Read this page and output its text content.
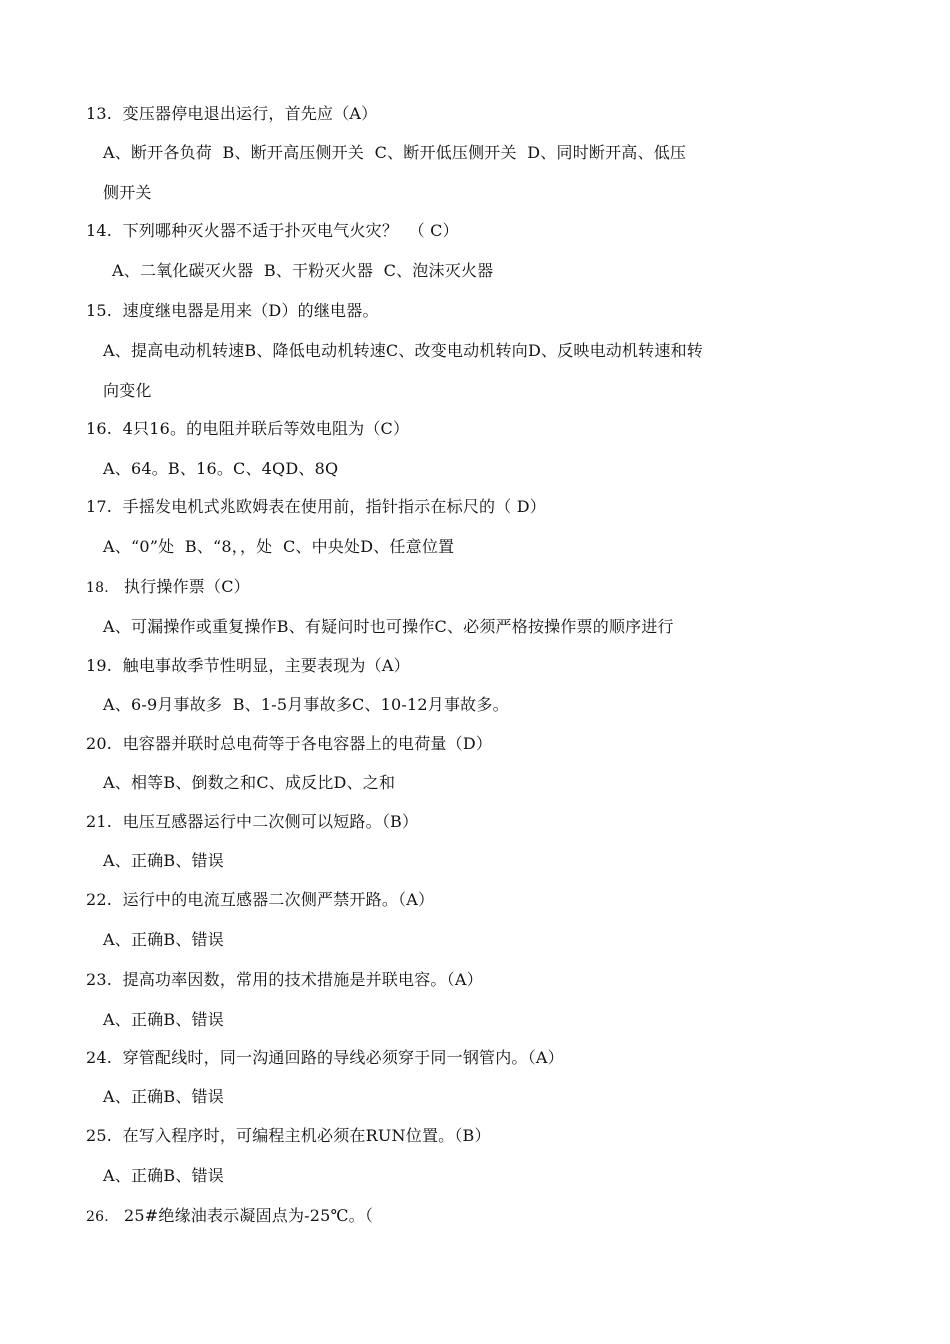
13.  变压器停电退出运行，首先应（A）
A、断开各负荷  B、断开高压侧开关  C、断开低压侧开关  D、同时断开高、低压
侧开关
14.  下列哪种灭火器不适于扑灭电气火灾？  （ C）
A、二氧化碳灭火器  B、干粉灭火器  C、泡沫灭火器
15.  速度继电器是用来（D）的继电器。
A、提高电动机转速B、降低电动机转速C、改变电动机转向D、反映电动机转速和转
向变化
16.  4只16。的电阻并联后等效电阻为（C）
A、64。B、16。C、4QD、8Q
17.  手摇发电机式兆欧姆表在使用前，指针指示在标尺的（ D）
A、“0”处  B、“8，，处  C、中央处D、任意位置
18. 执行操作票（C）
A、可漏操作或重复操作B、有疑问时也可操作C、必须严格按操作票的顺序进行
19.  触电事故季节性明显，主要表现为（A）
A、6-9月事故多  B、1-5月事故多C、10-12月事故多。
20.  电容器并联时总电荷等于各电容器上的电荷量（D）
A、相等B、倒数之和C、成反比D、之和
21.  电压互感器运行中二次侧可以短路。（B）
A、正确B、错误
22.  运行中的电流互感器二次侧严禁开路。（A）
A、正确B、错误
23.  提高功率因数，常用的技术措施是并联电容。（A）
A、正确B、错误
24.  穿管配线时，同一沟通回路的导线必须穿于同一钢管内。（A）
A、正确B、错误
25.  在写入程序时，可编程主机必须在RUN位置。（B）
A、正确B、错误
26. 25#绝缘油表示凝固点为-25℃。（
